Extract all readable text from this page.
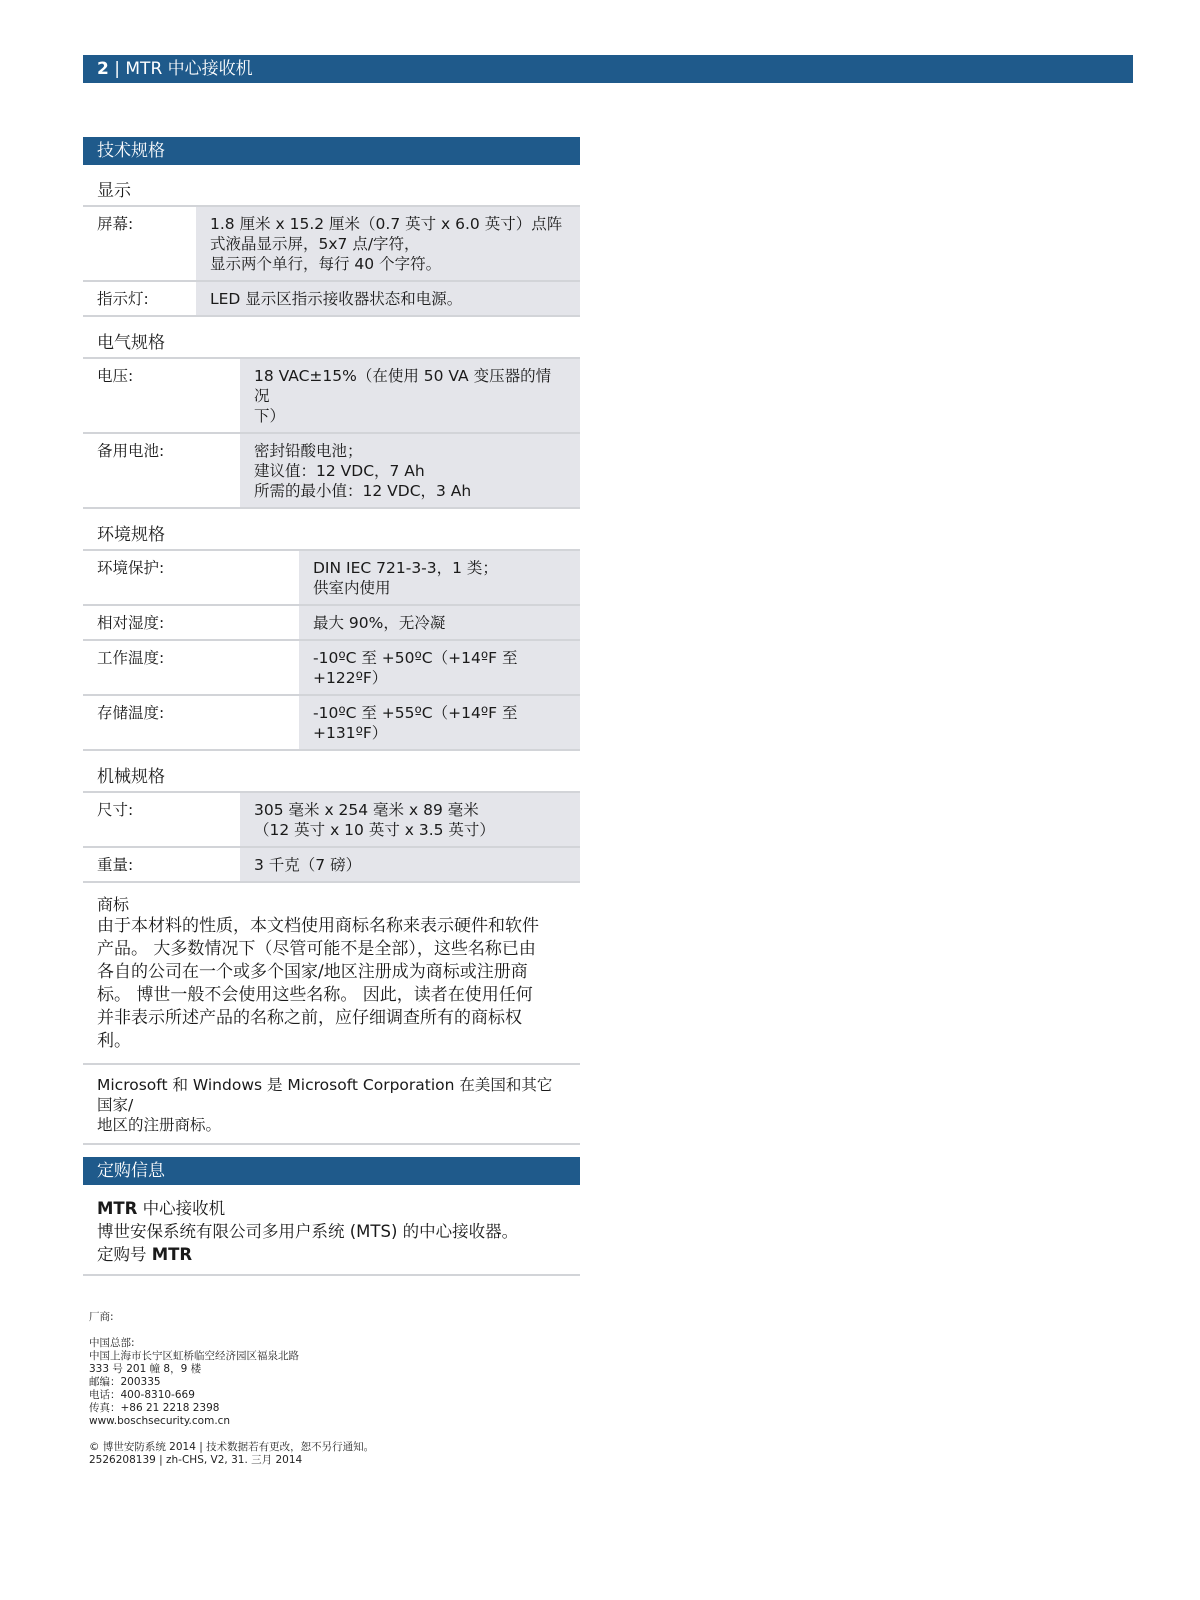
2 | MTR 中心接收机
技术规格
显示
屏幕:	1.8 厘米 x 15.2 厘米（0.7 英寸 x 6.0 英寸）点阵
式液晶显示屏，5x7 点/字符，
显示两个单行，每行 40 个字符。

指示灯:	LED 显示区指示接收器状态和电源。
电气规格
电压:	18 VAC±15%（在使用 50 VA 变压器的情况
下）

备用电池:	密封铅酸电池；
建议值：12 VDC，7 Ah
所需的最小值：12 VDC，3 Ah
环境规格
环境保护:	DIN IEC 721-3-3，1 类；
供室内使用

相对湿度:	最大 90%，无冷凝

工作温度:	-10ºC 至 +50ºC（+14ºF 至 +122ºF）

存储温度:	-10ºC 至 +55ºC（+14ºF 至 +131ºF）
机械规格
尺寸:	305 毫米 x 254 毫米 x 89 毫米
（12 英寸 x 10 英寸 x 3.5 英寸）

重量:	3 千克（7 磅）
商标
由于本材料的性质，本文档使用商标名称来表示硬件和软件
产品。 大多数情况下（尽管可能不是全部），这些名称已由
各自的公司在一个或多个国家/地区注册成为商标或注册商
标。 博世一般不会使用这些名称。 因此，读者在使用任何
并非表示所述产品的名称之前，应仔细调查所有的商标权
利。
Microsoft 和 Windows 是 Microsoft Corporation 在美国和其它国家/
地区的注册商标。
定购信息
MTR 中心接收机
博世安保系统有限公司多用户系统 (MTS) 的中心接收器。
定购号 MTR
厂商:
中国总部:
中国上海市长宁区虹桥临空经济园区福泉北路
333 号 201 幢 8，9 楼
邮编：200335
电话：400-8310-669
传真：+86 21 2218 2398
www.boschsecurity.com.cn
© 博世安防系统 2014 | 技术数据若有更改，恕不另行通知。
2526208139 | zh-CHS, V2, 31. 三月 2014
